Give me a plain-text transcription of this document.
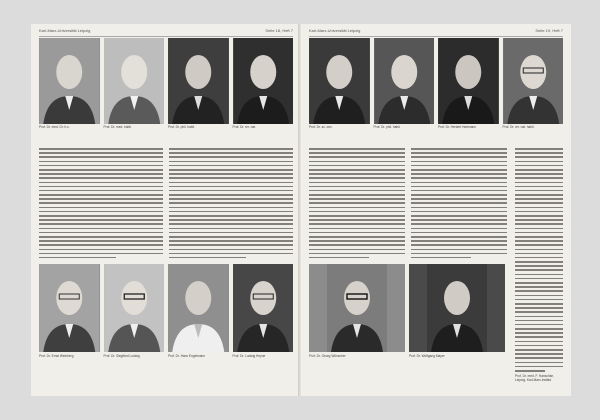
Karl-Marx-Universität Leipzig	Seite 18, Heft 7
Prof. Dr. med. Dr. h.c.	Prof. Dr. med. habil.	Prof. Dr. phil. habil.	Prof. Dr. rer. nat.
Prof. Dr. Ernst Weinberg	Prof. Dr. Siegfried Ludwig	Prof. Dr. Hans Engelmann	Prof. Dr. Ludwig Heyne
Karl-Marx-Universität Leipzig	Seite 19, Heft 7
Prof. Dr. sc. oec.	Prof. Dr. phil. habil.	Prof. Dr. Herbert Hartmann	Prof. Dr. rer. nat. habil.
Prof. Dr. med. F. Hanschke, Leipzig, Karl-Marx-Institut
Prof. Dr. Georg Wünscher	Prof. Dr. Wolfgang Mayer
